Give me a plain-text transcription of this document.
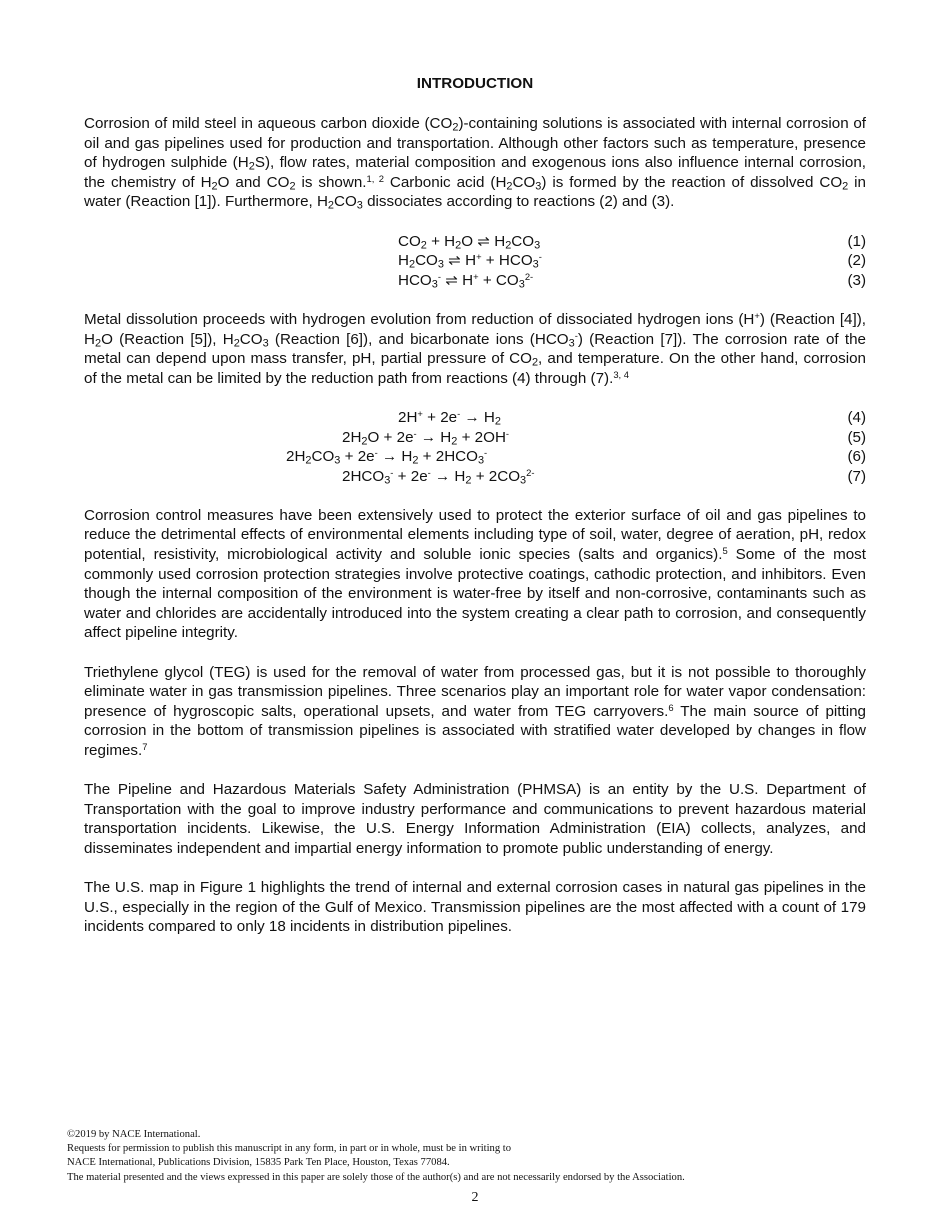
INTRODUCTION

Corrosion of mild steel in aqueous carbon dioxide $(CO_2)$-containing solutions is associated with internal corrosion of oil and gas pipelines used for production and transportation. Although other factors such as temperature, presence of hydrogen sulphide $(H_2S)$, flow rates, material composition and exogenous ions also influence internal corrosion, the chemistry of $H_2O$ and $CO_2$ is shown.$^{1, 2}$ Carbonic acid $(H_2CO_3)$ is formed by the reaction of dissolved $CO_2$ in water (Reaction [1]). Furthermore, $H_2CO_3$ dissociates according to reactions (2) and (3).

$CO_2 + H_2O$ ⇌ $H_2CO_3$	(1)
$H_2CO_3$ ⇌ $H^+ + HCO_3^-$	(2)
$HCO_3^-$ ⇌ $H^+ + CO_3^{2-}$	(3)

Metal dissolution proceeds with hydrogen evolution from reduction of dissociated hydrogen ions (H+) (Reaction [4]), $H_2O$ (Reaction [5]), $H_2CO_3$ (Reaction [6]), and bicarbonate ions $(HCO_3^-)$ (Reaction [7]). The corrosion rate of the metal can depend upon mass transfer, pH, partial pressure of $CO_2$, and temperature. On the other hand, corrosion of the metal can be limited by the reduction path from reactions (4) through (7).$^{3, 4}$

$2H^+ + 2e^- \to H_2$	(4)
$2H_2O + 2e^- \to H_2 + 2OH^-$	(5)
$2H_2CO_3 + 2e^- \to H_2 + 2HCO_3^-$	(6)
$2HCO_3^- + 2e^- \to H_2 + 2CO_3^{2-}$	(7)

Corrosion control measures have been extensively used to protect the exterior surface of oil and gas pipelines to reduce the detrimental effects of environmental elements including type of soil, water, degree of aeration, pH, redox potential, resistivity, microbiological activity and soluble ionic species (salts and organics).$^5$ Some of the most commonly used corrosion protection strategies involve protective coatings, cathodic protection, and inhibitors. Even though the internal composition of the environment is water-free by itself and non-corrosive, contaminants such as water and chlorides are accidentally introduced into the system creating a clear path to corrosion, and consequently affect pipeline integrity.

Triethylene glycol (TEG) is used for the removal of water from processed gas, but it is not possible to thoroughly eliminate water in gas transmission pipelines. Three scenarios play an important role for water vapor condensation: presence of hygroscopic salts, operational upsets, and water from TEG carryovers.$^6$ The main source of pitting corrosion in the bottom of transmission pipelines is associated with stratified water developed by changes in flow regimes.$^7$

The Pipeline and Hazardous Materials Safety Administration (PHMSA) is an entity by the U.S. Department of Transportation with the goal to improve industry performance and communications to prevent hazardous material transportation incidents. Likewise, the U.S. Energy Information Administration (EIA) collects, analyzes, and disseminates independent and impartial energy information to promote public understanding of energy.

The U.S. map in Figure 1 highlights the trend of internal and external corrosion cases in natural gas pipelines in the U.S., especially in the region of the Gulf of Mexico. Transmission pipelines are the most affected with a count of 179 incidents compared to only 18 incidents in distribution pipelines.

©2019 by NACE International.
Requests for permission to publish this manuscript in any form, in part or in whole, must be in writing to
NACE International, Publications Division, 15835 Park Ten Place, Houston, Texas 77084.
The material presented and the views expressed in this paper are solely those of the author(s) and are not necessarily endorsed by the Association.
2
